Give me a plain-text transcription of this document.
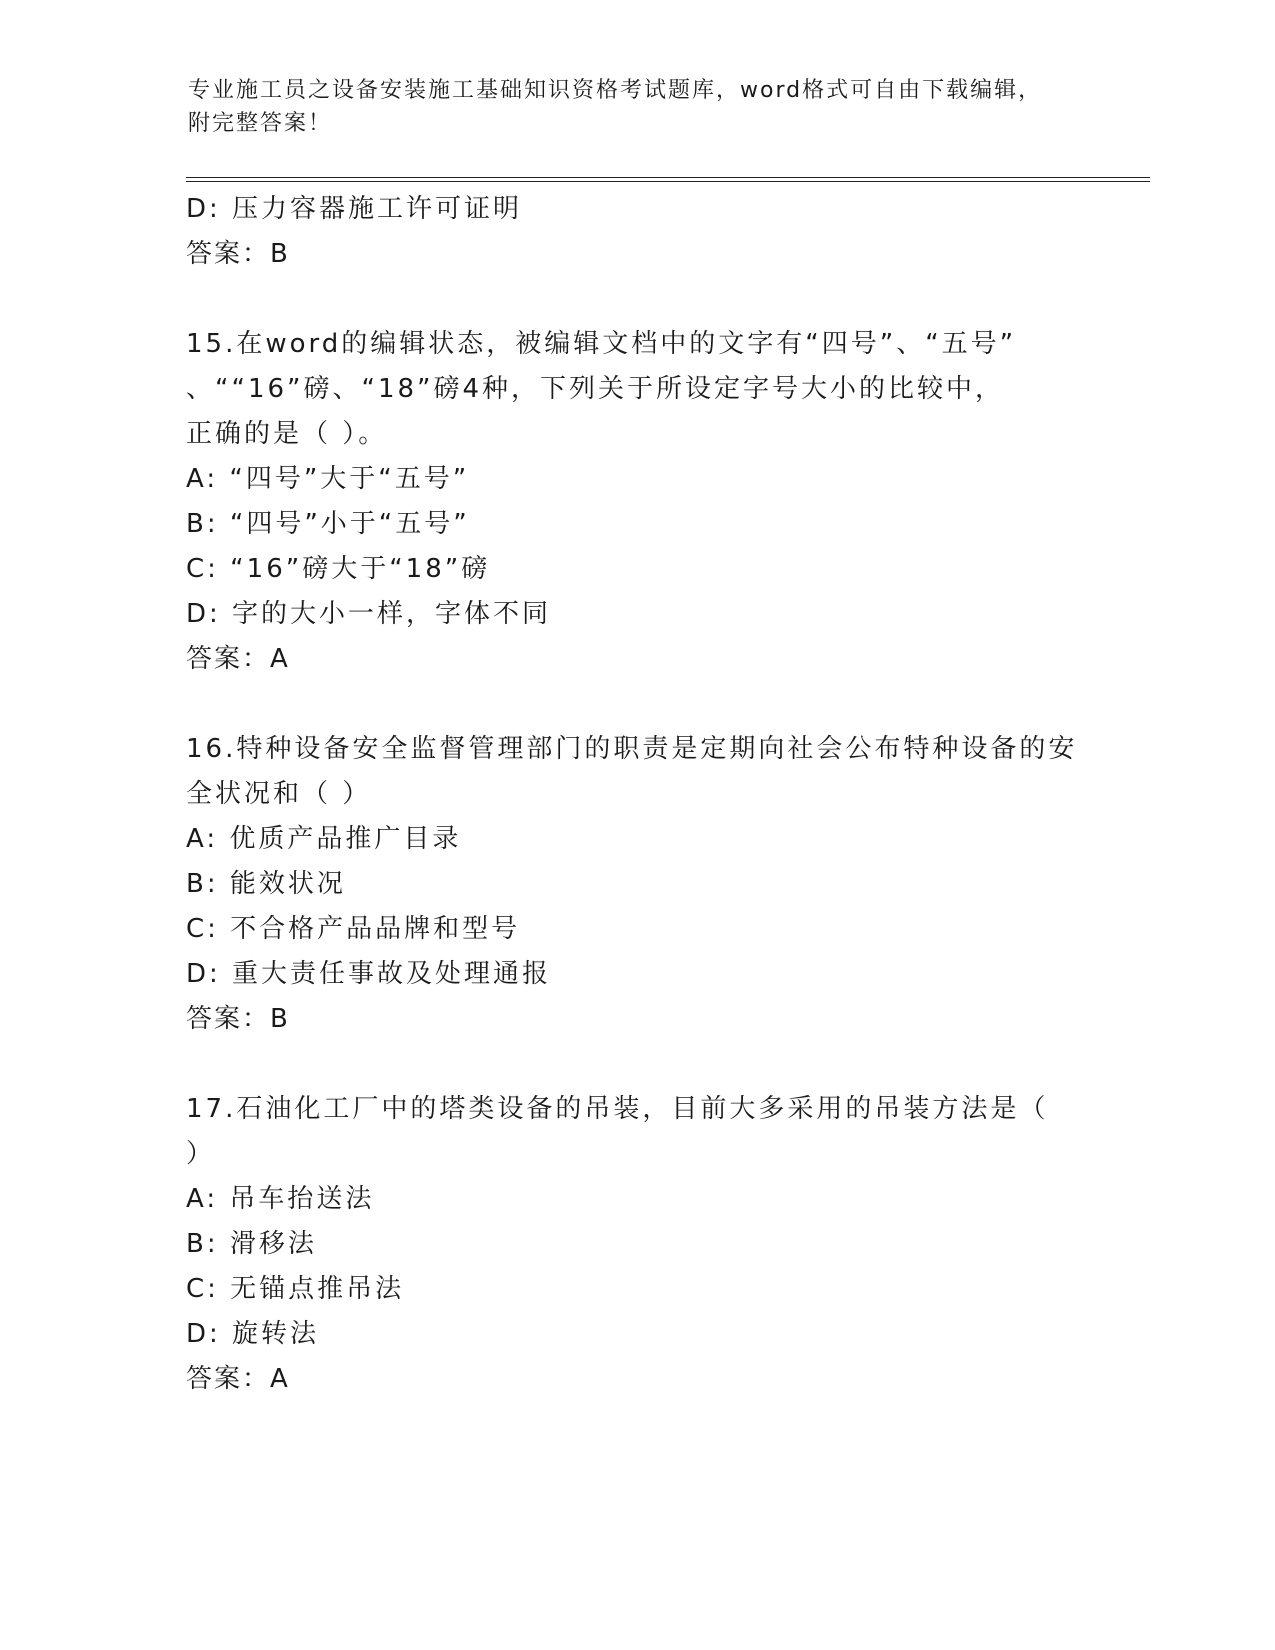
专业施工员之设备安装施工基础知识资格考试题库，word格式可自由下载编辑，
附完整答案！
D: 压力容器施工许可证明
答案：B
15.在word的编辑状态，被编辑文档中的文字有“四号”、“五号”
、““16”磅、“18”磅4种，下列关于所设定字号大小的比较中，
正确的是（ ）。
A: “四号”大于“五号”
B: “四号”小于“五号”
C: “16”磅大于“18”磅
D: 字的大小一样，字体不同
答案：A
16.特种设备安全监督管理部门的职责是定期向社会公布特种设备的安
全状况和（ ）
A: 优质产品推广目录
B: 能效状况
C: 不合格产品品牌和型号
D: 重大责任事故及处理通报
答案：B
17.石油化工厂中的塔类设备的吊装，目前大多采用的吊装方法是（
）
A: 吊车抬送法
B: 滑移法
C: 无锚点推吊法
D: 旋转法
答案：A
